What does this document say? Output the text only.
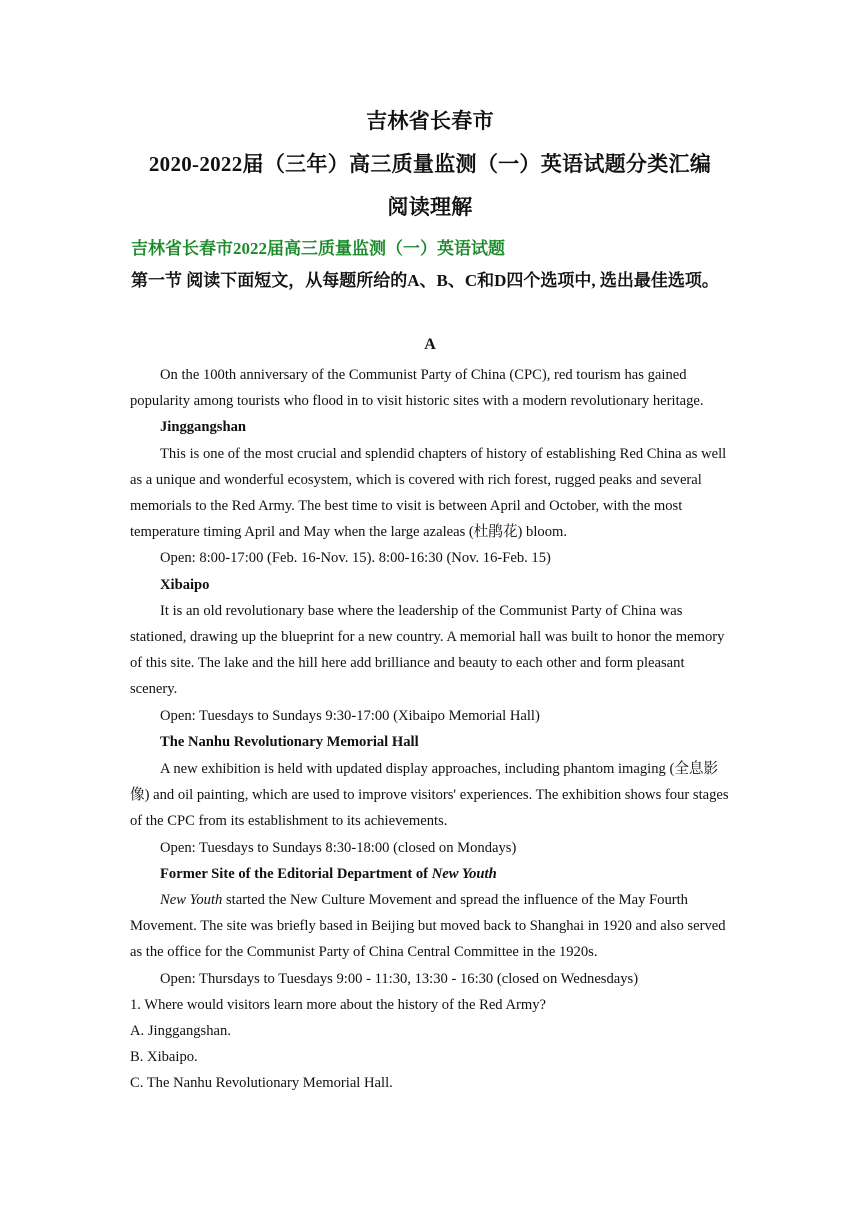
吉林省长春市
2020-2022届（三年）高三质量监测（一）英语试题分类汇编
阅读理解
吉林省长春市2022届高三质量监测（一）英语试题
第一节 阅读下面短文，从每题所给的A、B、C和D四个选项中, 选出最佳选项。
A

On the 100th anniversary of the Communist Party of China (CPC), red tourism has gained popularity among tourists who flood in to visit historic sites with a modern revolutionary heritage.

Jinggangshan

This is one of the most crucial and splendid chapters of history of establishing Red China as well as a unique and wonderful ecosystem, which is covered with rich forest, rugged peaks and several memorials to the Red Army. The best time to visit is between April and October, with the most temperature timing April and May when the large azaleas (杜鹃花) bloom.

Open: 8:00-17:00 (Feb. 16-Nov. 15). 8:00-16:30 (Nov. 16-Feb. 15)

Xibaipo

It is an old revolutionary base where the leadership of the Communist Party of China was stationed, drawing up the blueprint for a new country. A memorial hall was built to honor the memory of this site. The lake and the hill here add brilliance and beauty to each other and form pleasant scenery.

Open: Tuesdays to Sundays 9:30-17:00 (Xibaipo Memorial Hall)

The Nanhu Revolutionary Memorial Hall

A new exhibition is held with updated display approaches, including phantom imaging (全息影像) and oil painting, which are used to improve visitors' experiences. The exhibition shows four stages of the CPC from its establishment to its achievements.

Open: Tuesdays to Sundays 8:30-18:00 (closed on Mondays)

Former Site of the Editorial Department of New Youth

New Youth started the New Culture Movement and spread the influence of the May Fourth Movement. The site was briefly based in Beijing but moved back to Shanghai in 1920 and also served as the office for the Communist Party of China Central Committee in the 1920s.

Open: Thursdays to Tuesdays 9:00 - 11:30, 13:30 - 16:30 (closed on Wednesdays)

1. Where would visitors learn more about the history of the Red Army?

A. Jinggangshan.

B. Xibaipo.

C. The Nanhu Revolutionary Memorial Hall.
